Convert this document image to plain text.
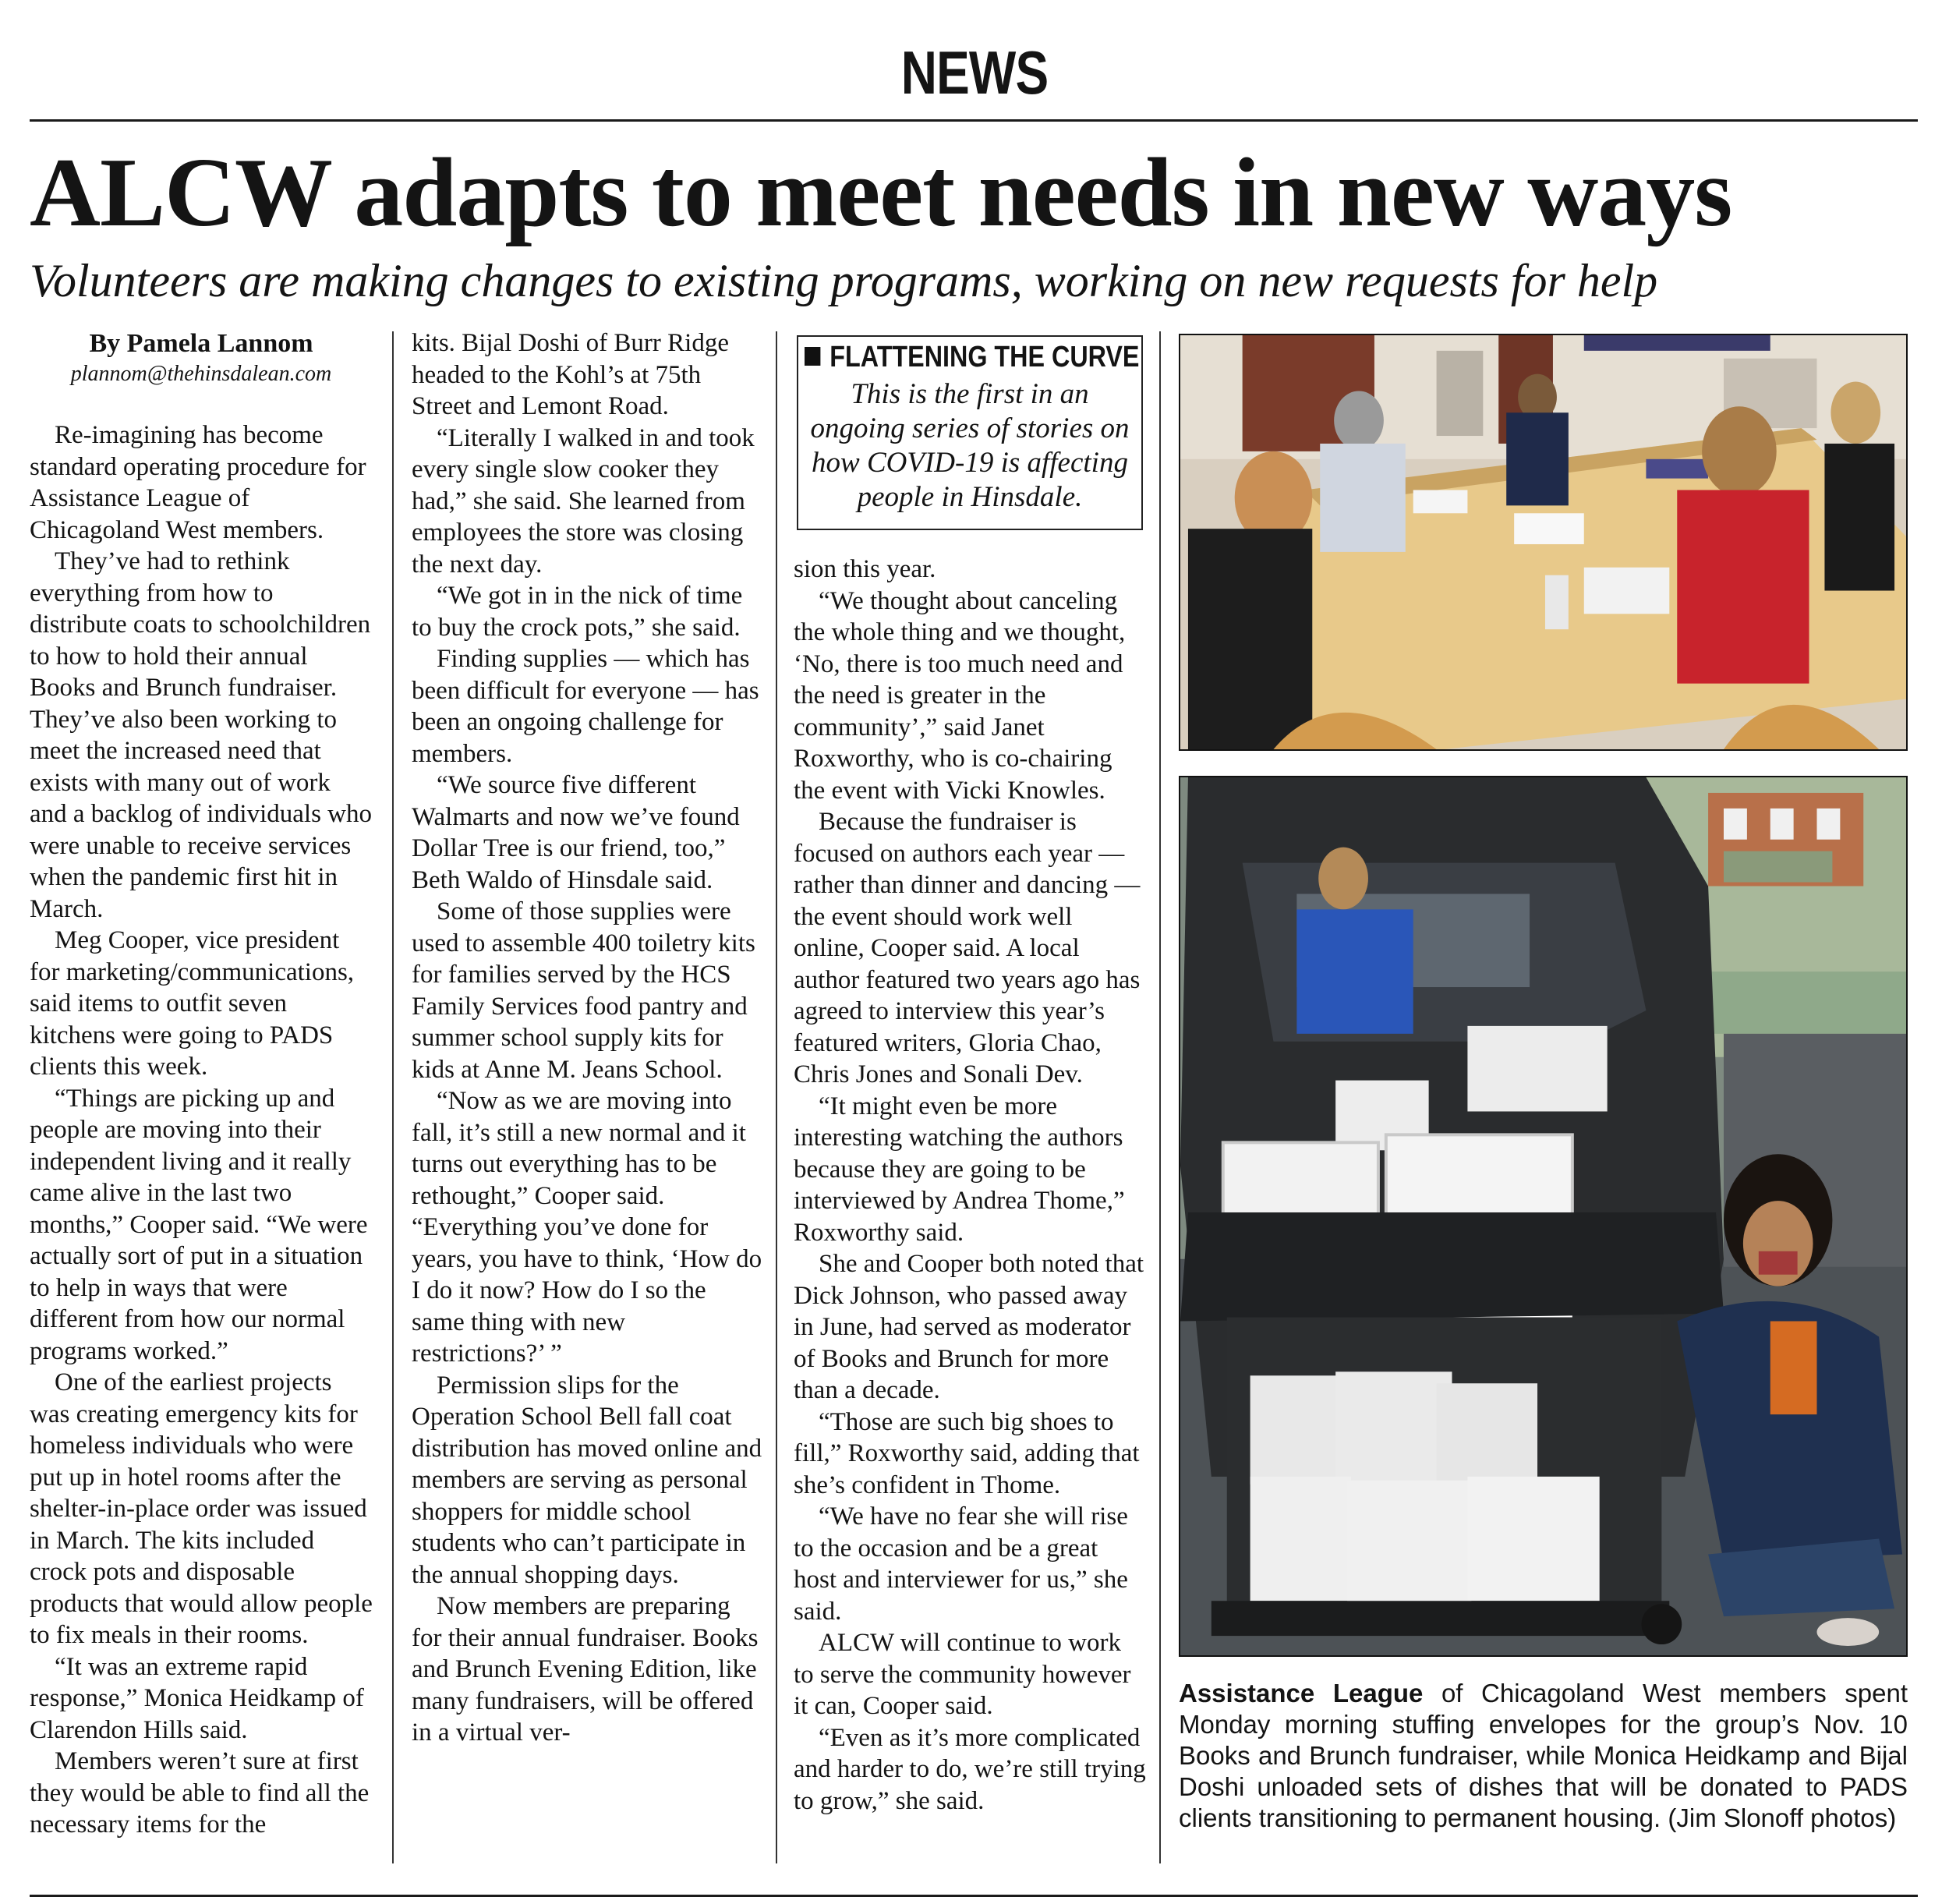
NEWS
ALCW adapts to meet needs in new ways
Volunteers are making changes to existing programs, working on new requests for help
By Pamela Lannom
plannom@thehinsdalean.com

Re-imagining has become standard operating procedure for Assistance League of Chicagoland West members.

They’ve had to rethink everything from how to distribute coats to schoolchildren to how to hold their annual Books and Brunch fundraiser. They’ve also been working to meet the increased need that exists with many out of work and a backlog of individuals who were unable to receive services when the pandemic first hit in March.

Meg Cooper, vice president for marketing/communications, said items to outfit seven kitchens were going to PADS clients this week.

“Things are picking up and people are moving into their independent living and it really came alive in the last two months,” Cooper said. “We were actually sort of put in a situation to help in ways that were different from how our normal programs worked.”

One of the earliest projects was creating emergency kits for homeless individuals who were put up in hotel rooms after the shelter-in-place order was issued in March. The kits included crock pots and disposable products that would allow people to fix meals in their rooms.

“It was an extreme rapid response,” Monica Heidkamp of Clarendon Hills said.

Members weren’t sure at first they would be able to find all the necessary items for the

kits. Bijal Doshi of Burr Ridge headed to the Kohl’s at 75th Street and Lemont Road.

“Literally I walked in and took every single slow cooker they had,” she said. She learned from employees the store was closing the next day.

“We got in in the nick of time to buy the crock pots,” she said.

Finding supplies — which has been difficult for everyone — has been an ongoing challenge for members.

“We source five different Walmarts and now we’ve found Dollar Tree is our friend, too,” Beth Waldo of Hinsdale said.

Some of those supplies were used to assemble 400 toiletry kits for families served by the HCS Family Services food pantry and summer school supply kits for kids at Anne M. Jeans School.

“Now as we are moving into fall, it’s still a new normal and it turns out everything has to be rethought,” Cooper said. “Everything you’ve done for years, you have to think, ‘How do I do it now? How do I so the same thing with new restrictions?’ ”

Permission slips for the Operation School Bell fall coat distribution has moved online and members are serving as personal shoppers for middle school students who can’t participate in the annual shopping days.

Now members are preparing for their annual fundraiser. Books and Brunch Evening Edition, like many fundraisers, will be offered in a virtual ver-

FLATTENING THE CURVE
This is the first in an ongoing series of stories on how COVID-19 is affecting people in Hinsdale.

sion this year.

“We thought about canceling the whole thing and we thought, ‘No, there is too much need and the need is greater in the community’,” said Janet Roxworthy, who is co-chairing the event with Vicki Knowles.

Because the fundraiser is focused on authors each year — rather than dinner and dancing — the event should work well online, Cooper said. A local author featured two years ago has agreed to interview this year’s featured writers, Gloria Chao, Chris Jones and Sonali Dev.

“It might even be more interesting watching the authors because they are going to be interviewed by Andrea Thome,” Roxworthy said.

She and Cooper both noted that Dick Johnson, who passed away in June, had served as moderator of Books and Brunch for more than a decade.

“Those are such big shoes to fill,” Roxworthy said, adding that she’s confident in Thome.

“We have no fear she will rise to the occasion and be a great host and interviewer for us,” she said.

ALCW will continue to work to serve the community however it can, Cooper said.

“Even as it’s more complicated and harder to do, we’re still trying to grow,” she said.

Assistance League of Chicagoland West members spent Monday morning stuffing envelopes for the group’s Nov. 10 Books and Brunch fundraiser, while Monica Heidkamp and Bijal Doshi unloaded sets of dishes that will be donated to PADS clients transitioning to permanent housing. (Jim Slonoff photos)
